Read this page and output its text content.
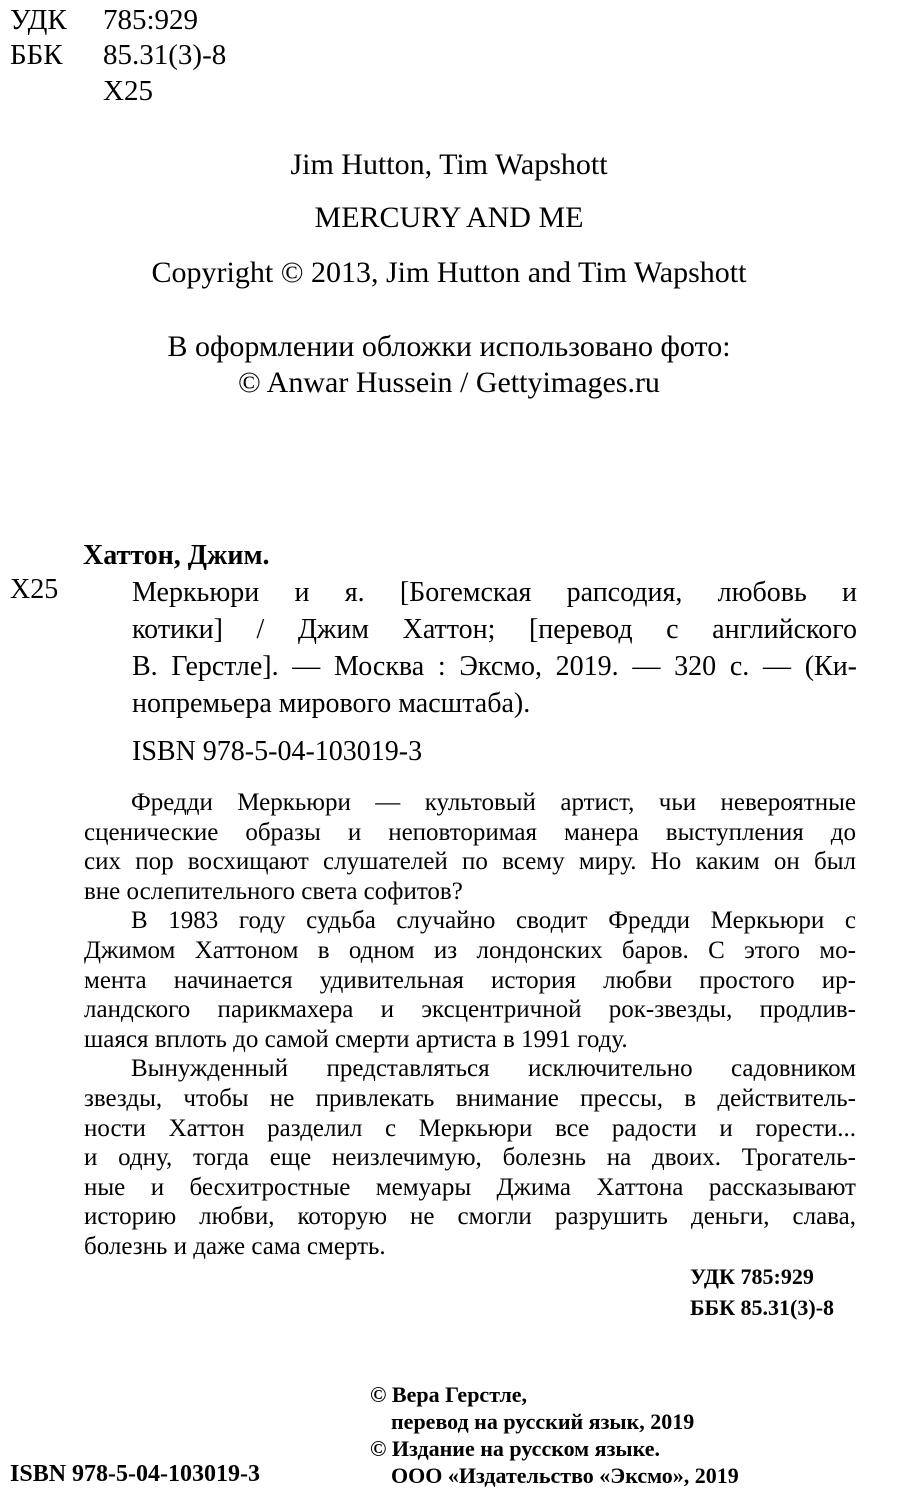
УДК 785:929
ББК 85.31(3)-8
Х25
Jim Hutton, Tim Wapshott
MERCURY AND ME
Copyright © 2013, Jim Hutton and Tim Wapshott
В оформлении обложки использовано фото:
© Anwar Hussein / Gettyimages.ru
Хаттон, Джим.
Х25	Меркьюри и я. [Богемская рапсодия, любовь и
котики] / Джим Хаттон; [перевод с английского
В. Герстле]. — Москва : Эксмо, 2019. — 320 с. — (Ки-
нопремьера мирового масштаба).
ISBN 978-5-04-103019-3
Фредди Меркьюри — культовый артист, чьи невероятные
сценические образы и неповторимая манера выступления до
сих пор восхищают слушателей по всему миру. Но каким он был
вне ослепительного света софитов?
В 1983 году судьба случайно сводит Фредди Меркьюри с
Джимом Хаттоном в одном из лондонских баров. С этого мо-
мента начинается удивительная история любви простого ир-
ландского парикмахера и эксцентричной рок-звезды, продлив-
шаяся вплоть до самой смерти артиста в 1991 году.
Вынужденный представляться исключительно садовником
звезды, чтобы не привлекать внимание прессы, в действитель-
ности Хаттон разделил с Меркьюри все радости и горести...
и одну, тогда еще неизлечимую, болезнь на двоих. Трогатель-
ные и бесхитростные мемуары Джима Хаттона рассказывают
историю любви, которую не смогли разрушить деньги, слава,
болезнь и даже сама смерть.
УДК 785:929
ББК 85.31(3)-8
© Вера Герстле,
перевод на русский язык, 2019
© Издание на русском языке.
ООО «Издательство «Эксмо», 2019
ISBN 978-5-04-103019-3
